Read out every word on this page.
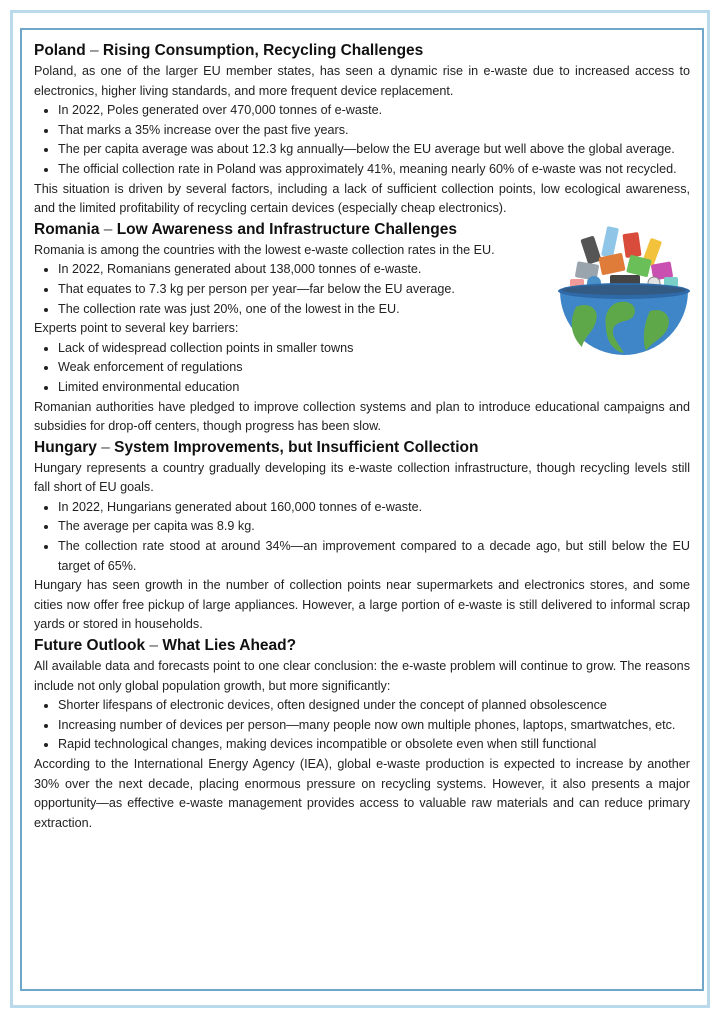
Poland – Rising Consumption, Recycling Challenges

Poland, as one of the larger EU member states, has seen a dynamic rise in e-waste due to increased access to electronics, higher living standards, and more frequent device replacement.

• In 2022, Poles generated over 470,000 tonnes of e-waste.
• That marks a 35% increase over the past five years.
• The per capita average was about 12.3 kg annually—below the EU average but well above the global average.
• The official collection rate in Poland was approximately 41%, meaning nearly 60% of e-waste was not recycled.

This situation is driven by several factors, including a lack of sufficient collection points, low ecological awareness, and the limited profitability of recycling certain devices (especially cheap electronics).

Romania – Low Awareness and Infrastructure Challenges

Romania is among the countries with the lowest e-waste collection rates in the EU.

• In 2022, Romanians generated about 138,000 tonnes of e-waste.
• That equates to 7.3 kg per person per year—far below the EU average.
• The collection rate was just 20%, one of the lowest in the EU.

Experts point to several key barriers:

• Lack of widespread collection points in smaller towns
• Weak enforcement of regulations
• Limited environmental education

Romanian authorities have pledged to improve collection systems and plan to introduce educational campaigns and subsidies for drop-off centers, though progress has been slow.

Hungary – System Improvements, but Insufficient Collection

Hungary represents a country gradually developing its e-waste collection infrastructure, though recycling levels still fall short of EU goals.

• In 2022, Hungarians generated about 160,000 tonnes of e-waste.
• The average per capita was 8.9 kg.
• The collection rate stood at around 34%—an improvement compared to a decade ago, but still below the EU target of 65%.

Hungary has seen growth in the number of collection points near supermarkets and electronics stores, and some cities now offer free pickup of large appliances. However, a large portion of e-waste is still delivered to informal scrap yards or stored in households.

Future Outlook – What Lies Ahead?

All available data and forecasts point to one clear conclusion: the e-waste problem will continue to grow. The reasons include not only global population growth, but more significantly:

• Shorter lifespans of electronic devices, often designed under the concept of planned obsolescence
• Increasing number of devices per person—many people now own multiple phones, laptops, smartwatches, etc.
• Rapid technological changes, making devices incompatible or obsolete even when still functional

According to the International Energy Agency (IEA), global e-waste production is expected to increase by another 30% over the next decade, placing enormous pressure on recycling systems. However, it also presents a major opportunity—as effective e-waste management provides access to valuable raw materials and can reduce primary extraction.
